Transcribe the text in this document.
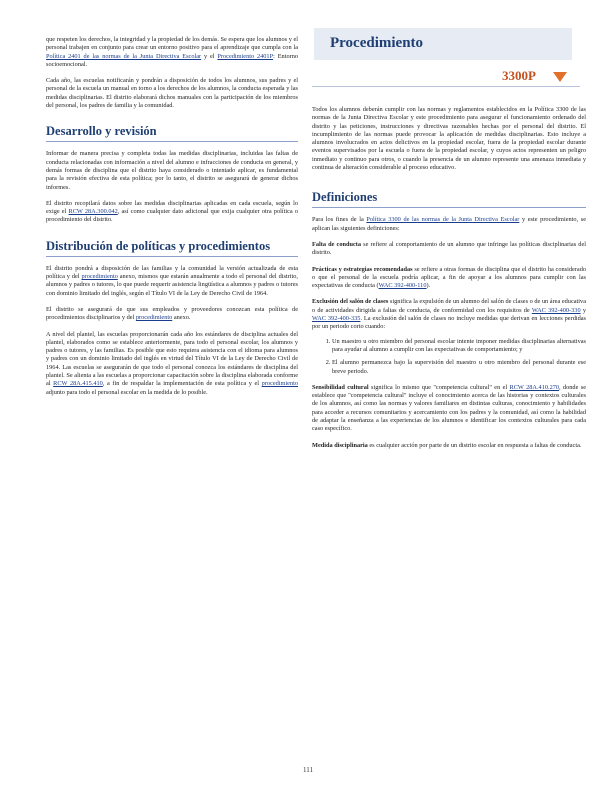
que respeten los derechos, la integridad y la propiedad de los demás. Se espera que los alumnos y el personal trabajen en conjunto para crear un entorno positivo para el aprendizaje que cumpla con la Política 2401 de las normas de la Junta Directiva Escolar y el Procedimiento 2401P: Entorno socioemocional.

Cada año, las escuelas notificarán y pondrán a disposición de todos los alumnos, sus padres y el personal de la escuela un manual en torno a los derechos de los alumnos, la conducta esperada y las medidas disciplinarias. El distrito elaborará dichos manuales con la participación de los miembros del personal, los padres de familia y la comunidad.

Desarrollo y revisión

Informar de manera precisa y completa todas las medidas disciplinarias, incluidas las faltas de conducta relacionadas con información a nivel del alumno e infracciones de conducta en general, y demás formas de disciplina que el distrito haya considerado o intentado aplicar, es fundamental para la revisión efectiva de esta política; por lo tanto, el distrito se asegurará de generar dichos informes.

El distrito recopilará datos sobre las medidas disciplinarias aplicadas en cada escuela, según lo exige el RCW 28A.300.042, así como cualquier dato adicional que exija cualquier otra política o procedimiento del distrito.

Distribución de políticas y procedimientos

El distrito pondrá a disposición de las familias y la comunidad la versión actualizada de esta política y del procedimiento anexo, mismos que estarán anualmente a todo el personal del distrito, alumnos y padres o tutores, lo que puede requerir asistencia lingüística a alumnos y padres o tutores con dominio limitado del inglés, según el Título VI de la Ley de Derecho Civil de 1964.

El distrito se asegurará de que sus empleados y proveedores conozcan esta política de procedimientos disciplinarios y del procedimiento anexo.

A nivel del plantel, las escuelas proporcionarán cada año los estándares de disciplina actuales del plantel, elaborados como se establece anteriormente, para todo el personal escolar, los alumnos y padres o tutores, y las familias. Es posible que esto requiera asistencia con el idioma para alumnos y padres con un dominio limitado del inglés en virtud del Título VI de la Ley de Derecho Civil de 1964. Las escuelas se asegurarán de que todo el personal conozca los estándares de disciplina del plantel. Se alienta a las escuelas a proporcionar capacitación sobre la disciplina elaborada conforme al RCW 28A.415.410, a fin de respaldar la implementación de esta política y el procedimiento adjunto para todo el personal escolar en la medida de lo posible.

Procedimiento
3300P

Todos los alumnos deberán cumplir con las normas y reglamentos establecidos en la Política 3300 de las normas de la Junta Directiva Escolar y este procedimiento para asegurar el funcionamiento ordenado del distrito y las peticiones, instrucciones y directivas razonables hechas por el personal del distrito. El incumplimiento de las normas puede provocar la aplicación de medidas disciplinarias. Esto incluye a alumnos involucrados en actos delictivos en la propiedad escolar, fuera de la propiedad escolar durante eventos supervisados por la escuela o fuera de la propiedad escolar, y cuyos actos representen un peligro inmediato y continuo para otros, o cuando la presencia de un alumno represente una amenaza inmediata y continua de alteración considerable al proceso educativo.

Definiciones

Para los fines de la Política 3300 de las normas de la Junta Directiva Escolar y este procedimiento, se aplican las siguientes definiciones:

Falta de conducta se refiere al comportamiento de un alumno que infringe las políticas disciplinarias del distrito.

Prácticas y estrategias recomendadas se refiere a otras formas de disciplina que el distrito ha considerado o que el personal de la escuela podría aplicar, a fin de apoyar a los alumnos para cumplir con las expectativas de conducta (WAC 392-400-110).

Exclusión del salón de clases significa la expulsión de un alumno del salón de clases o de un área educativa o de actividades dirigida a faltas de conducta, de conformidad con los requisitos de WAC 392-400-330 y WAC 392-400-335. La exclusión del salón de clases no incluye medidas que derivan en lecciones perdidas por un periodo corto cuando:

1. Un maestro u otro miembro del personal escolar intente imponer medidas disciplinarias alternativas para ayudar al alumno a cumplir con las expectativas de comportamiento; y
2. El alumno permanezca bajo la supervisión del maestro u otro miembro del personal durante ese breve periodo.

Sensibilidad cultural significa lo mismo que "competencia cultural" en el RCW 28A.410.270, donde se establece que "competencia cultural" incluye el conocimiento acerca de las historias y contextos culturales de los alumnos, así como las normas y valores familiares en distintas culturas, conocimiento y habilidades para acceder a recursos comunitarios y acercamiento con los padres y la comunidad, así como la habilidad de adaptar la enseñanza a las experiencias de los alumnos e identificar los contextos culturales para cada caso específico.

Medida disciplinaria es cualquier acción por parte de un distrito escolar en respuesta a faltas de conducta.

111
